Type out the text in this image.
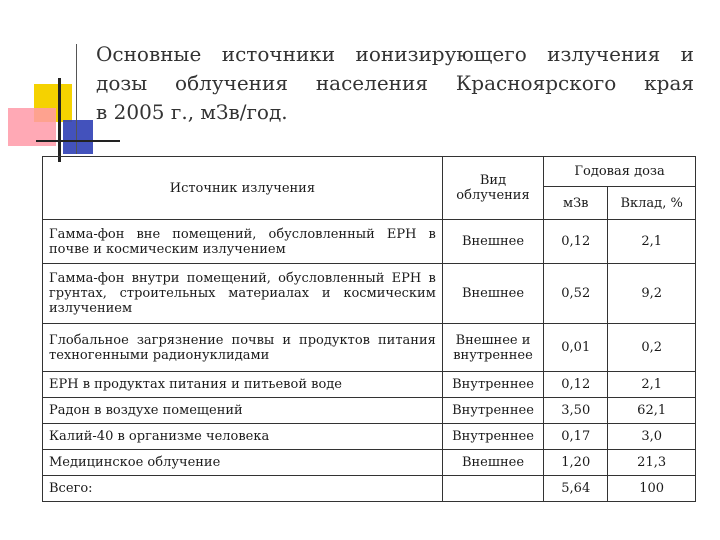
Основные источники ионизирующего излучения и дозы облучения населения Красноярского края
в 2005 г., мЗв/год.
Источник излучения	Вид облучения	Годовая доза	
		мЗв	Вклад, %
Гамма-фон вне помещений, обусловленный ЕРН в почве и космическим излучением	Внешнее	0,12	2,1
Гамма-фон внутри помещений, обусловленный ЕРН в грунтах, строительных материалах и космическим излучением	Внешнее	0,52	9,2
Глобальное загрязнение почвы и продуктов питания техногенными радионуклидами	Внешнее и внутреннее	0,01	0,2
ЕРН в продуктах питания и питьевой воде	Внутреннее	0,12	2,1
Радон в воздухе помещений	Внутреннее	3,50	62,1
Калий-40 в организме человека	Внутреннее	0,17	3,0
Медицинское облучение	Внешнее	1,20	21,3
Всего:		5,64	100
